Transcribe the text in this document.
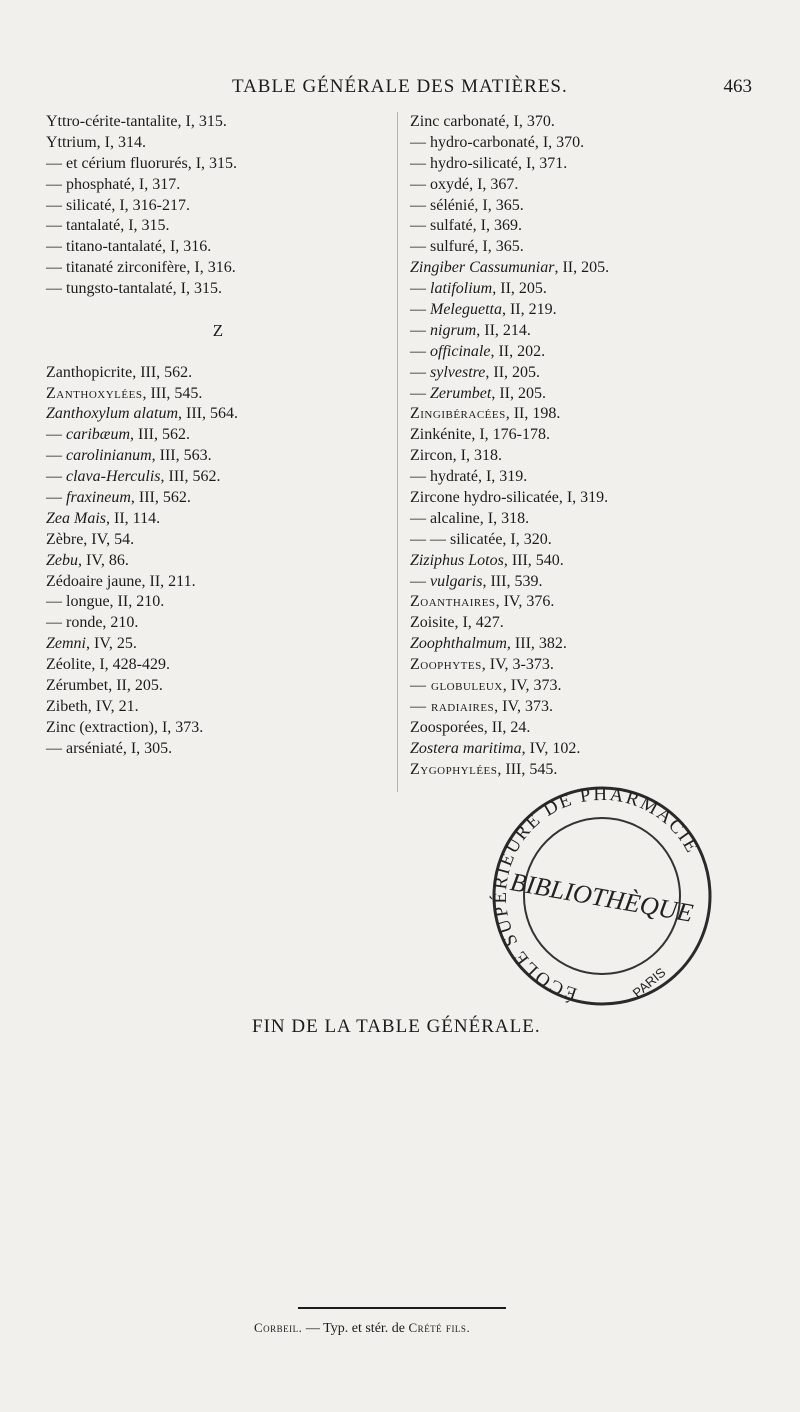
TABLE GÉNÉRALE DES MATIÈRES.	463
Yttro-cérite-tantalite, I, 315.
Yttrium, I, 314.
— et cérium fluorurés, I, 315.
— phosphaté, I, 317.
— silicaté, I, 316-217.
— tantalaté, I, 315.
— titano-tantalaté, I, 316.
— titanaté zirconifère, I, 316.
— tungsto-tantalaté, I, 315.
Z
Zanthopicrite, III, 562.
Zanthoxylées, III, 545.
Zanthoxylum alatum, III, 564.
— caribæum, III, 562.
— carolinianum, III, 563.
— clava-Herculis, III, 562.
— fraxineum, III, 562.
Zea Mais, II, 114.
Zèbre, IV, 54.
Zebu, IV, 86.
Zédoaire jaune, II, 211.
— longue, II, 210.
— ronde, 210.
Zemni, IV, 25.
Zéolite, I, 428-429.
Zérumbet, II, 205.
Zibeth, IV, 21.
Zinc (extraction), I, 373.
— arséniaté, I, 305.
Zinc carbonaté, I, 370.
— hydro-carbonaté, I, 370.
— hydro-silicaté, I, 371.
— oxydé, I, 367.
— sélénié, I, 365.
— sulfaté, I, 369.
— sulfuré, I, 365.
Zingiber Cassumuniar, II, 205.
— latifolium, II, 205.
— Meleguetta, II, 219.
— nigrum, II, 214.
— officinale, II, 202.
— sylvestre, II, 205.
— Zerumbet, II, 205.
Zingibéracées, II, 198.
Zinkénite, I, 176-178.
Zircon, I, 318.
— hydraté, I, 319.
Zircone hydro-silicatée, I, 319.
— alcaline, I, 318.
— — silicatée, I, 320.
Ziziphus Lotos, III, 540.
— vulgaris, III, 539.
Zoanthaires, IV, 376.
Zoisite, I, 427.
Zoophthalmum, III, 382.
Zoophytes, IV, 3-373.
— globuleux, IV, 373.
— radiaires, IV, 373.
Zoosporées, II, 24.
Zostera maritima, IV, 102.
Zygophylées, III, 545.
ÉCOLE SUPÉRIEURE DE PHARMACIE
BIBLIOTHÈQUE
PARIS
FIN DE LA TABLE GÉNÉRALE.
Corbeil. — Typ. et stér. de Crété fils.
